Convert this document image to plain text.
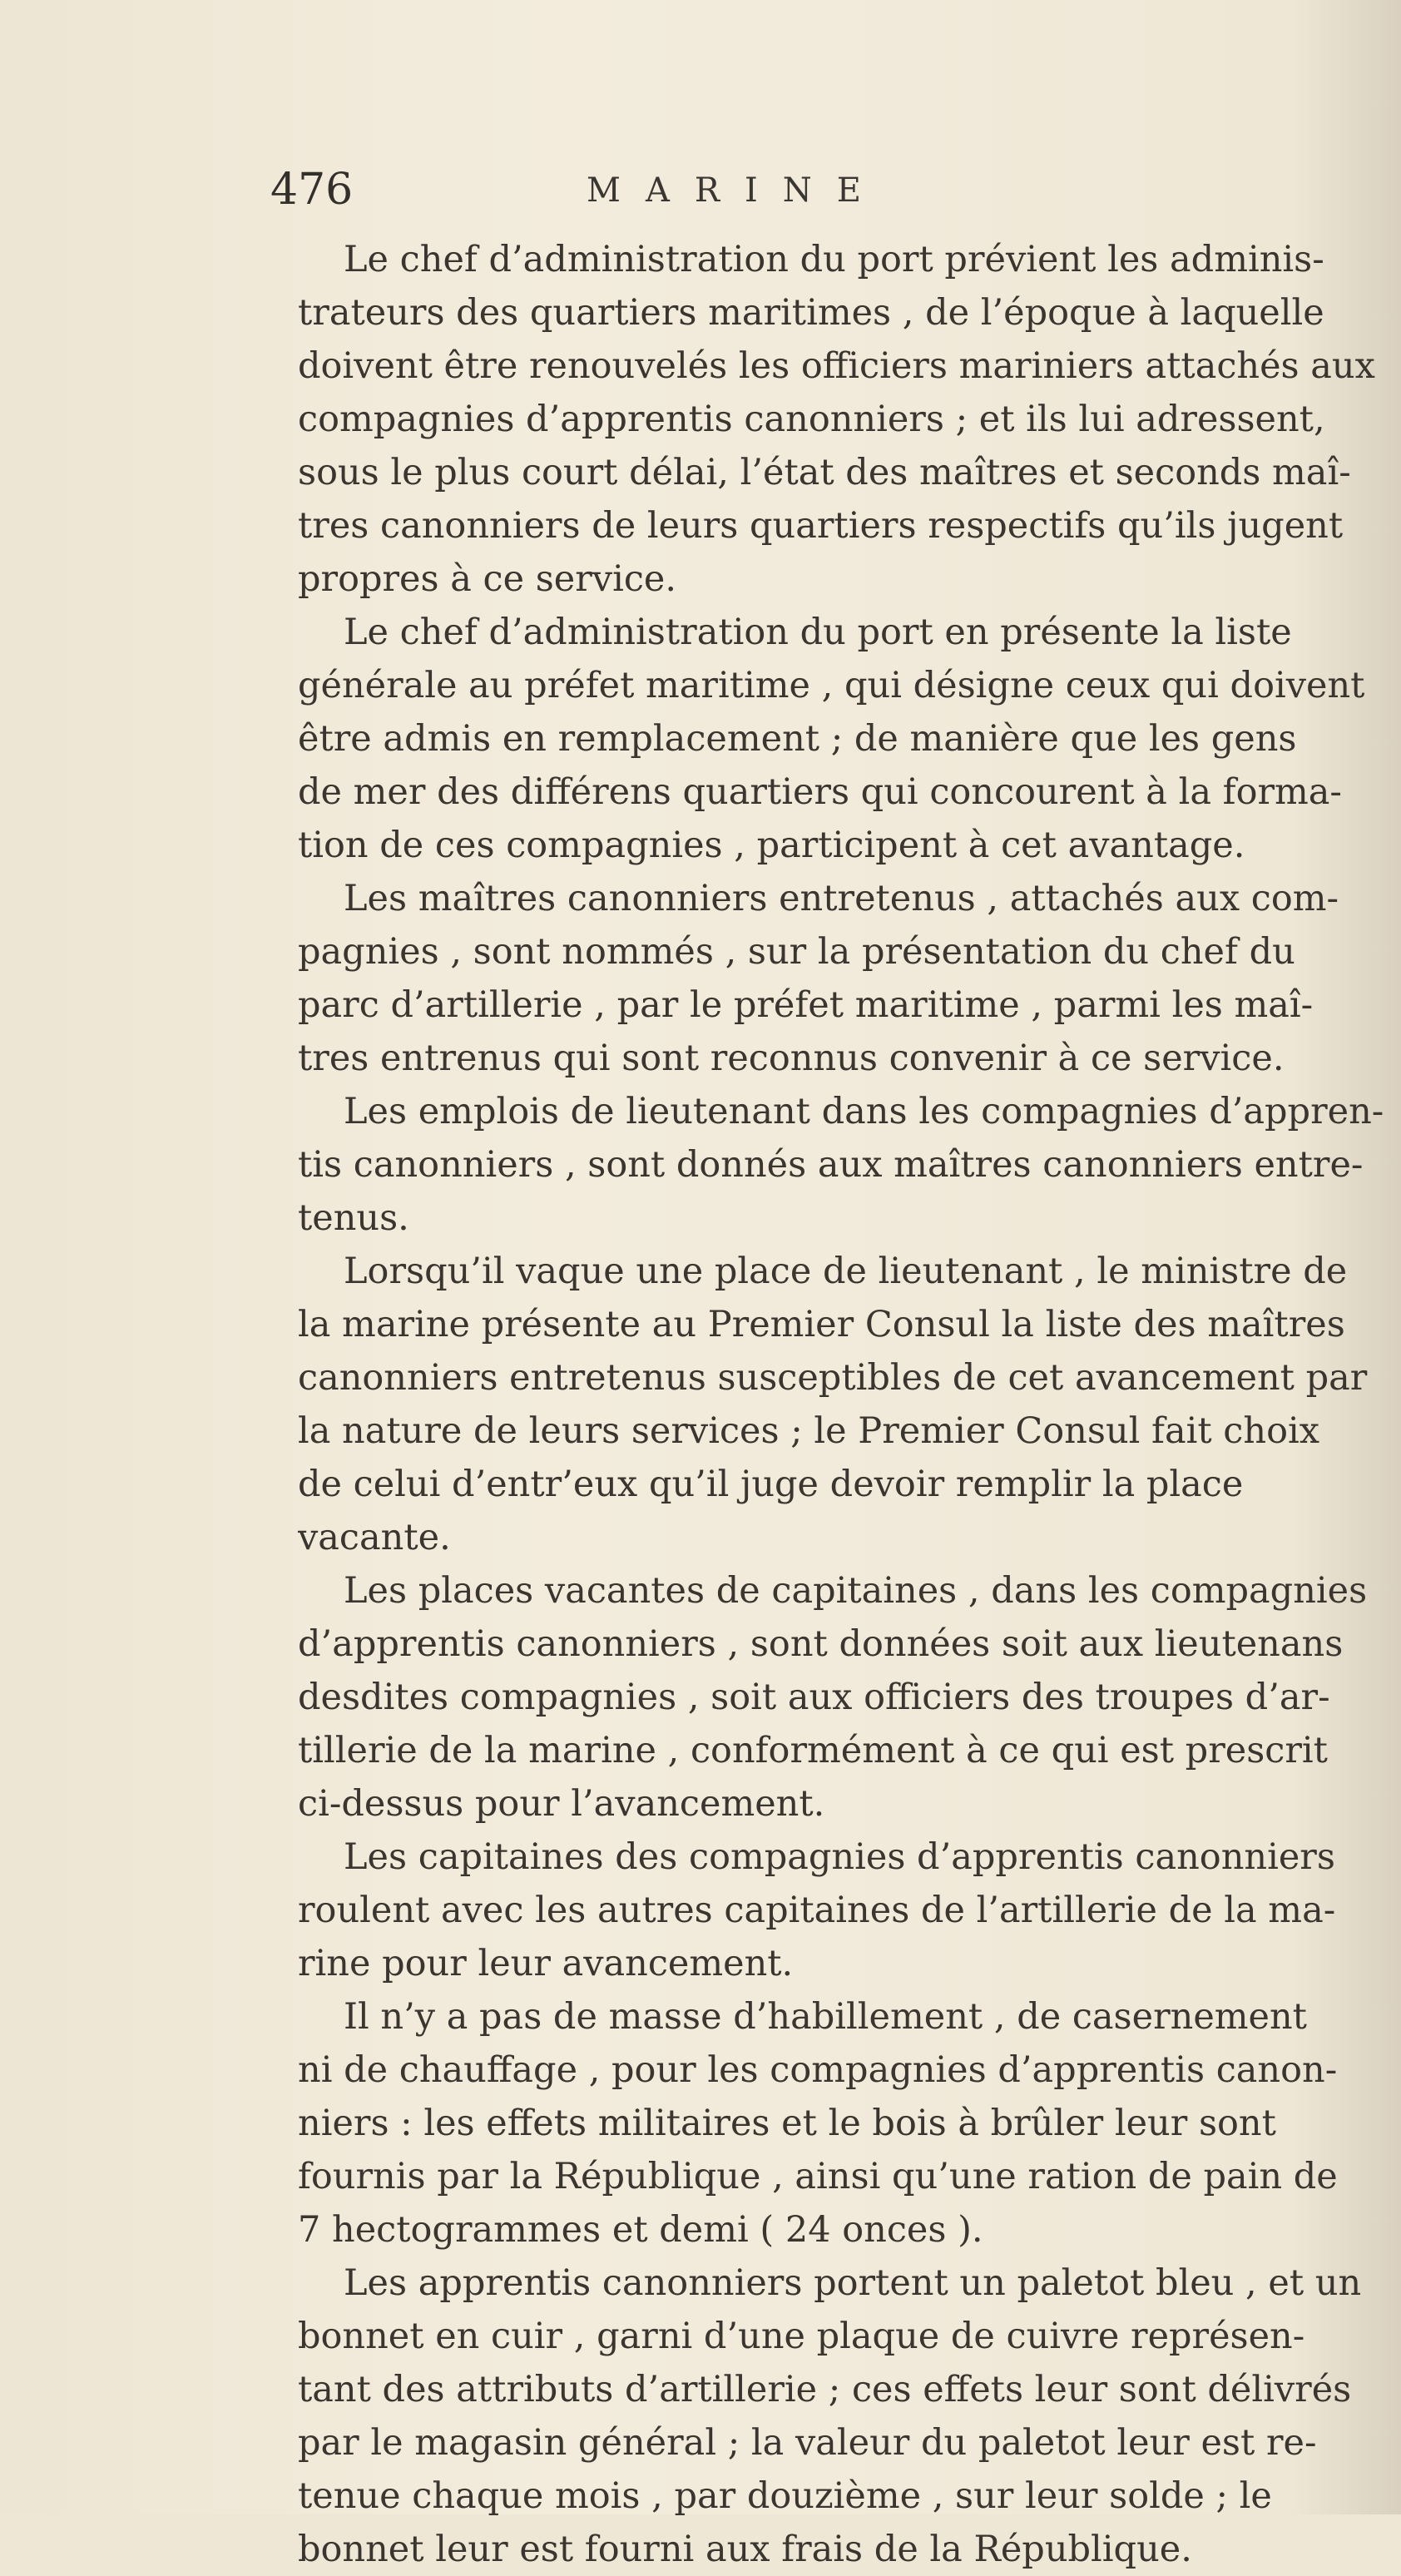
476	MARINE
Le chef d’administration du port prévient les adminis-
trateurs des quartiers maritimes , de l’époque à laquelle
doivent être renouvelés les officiers mariniers attachés aux
compagnies d’apprentis canonniers ; et ils lui adressent,
sous le plus court délai, l’état des maîtres et seconds maî-
tres canonniers de leurs quartiers respectifs qu’ils jugent
propres à ce service.
Le chef d’administration du port en présente la liste
générale au préfet maritime , qui désigne ceux qui doivent
être admis en remplacement ; de manière que les gens
de mer des différens quartiers qui concourent à la forma-
tion de ces compagnies , participent à cet avantage.
Les maîtres canonniers entretenus , attachés aux com-
pagnies , sont nommés , sur la présentation du chef du
parc d’artillerie , par le préfet maritime , parmi les maî-
tres entrenus qui sont reconnus convenir à ce service.
Les emplois de lieutenant dans les compagnies d’appren-
tis canonniers , sont donnés aux maîtres canonniers entre-
tenus.
Lorsqu’il vaque une place de lieutenant , le ministre de
la marine présente au Premier Consul la liste des maîtres
canonniers entretenus susceptibles de cet avancement par
la nature de leurs services ; le Premier Consul fait choix
de celui d’entr’eux qu’il juge devoir remplir la place
vacante.
Les places vacantes de capitaines , dans les compagnies
d’apprentis canonniers , sont données soit aux lieutenans
desdites compagnies , soit aux officiers des troupes d’ar-
tillerie de la marine , conformément à ce qui est prescrit
ci-dessus pour l’avancement.
Les capitaines des compagnies d’apprentis canonniers
roulent avec les autres capitaines de l’artillerie de la ma-
rine pour leur avancement.
Il n’y a pas de masse d’habillement , de casernement
ni de chauffage , pour les compagnies d’apprentis canon-
niers : les effets militaires et le bois à brûler leur sont
fournis par la République , ainsi qu’une ration de pain de
7 hectogrammes et demi ( 24 onces ).
Les apprentis canonniers portent un paletot bleu , et un
bonnet en cuir , garni d’une plaque de cuivre représen-
tant des attributs d’artillerie ; ces effets leur sont délivrés
par le magasin général ; la valeur du paletot leur est re-
tenue chaque mois , par douzième , sur leur solde ; le
bonnet leur est fourni aux frais de la République.
